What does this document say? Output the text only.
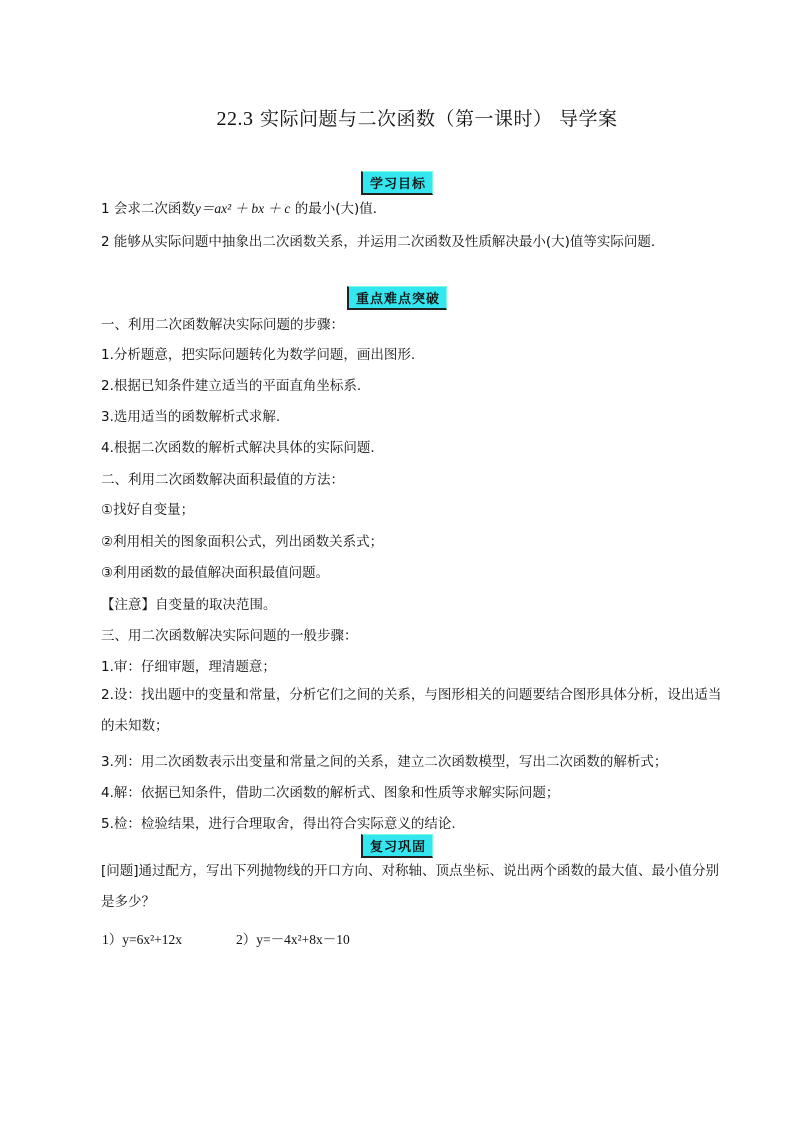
22.3 实际问题与二次函数（第一课时） 导学案
学习目标
1 会求二次函数y＝ax² ＋ bx ＋ c 的最小(大)值．
2 能够从实际问题中抽象出二次函数关系，并运用二次函数及性质解决最小(大)值等实际问题．
重点难点突破
一、利用二次函数解决实际问题的步骤：
1.分析题意，把实际问题转化为数学问题，画出图形.
2.根据已知条件建立适当的平面直角坐标系.
3.选用适当的函数解析式求解.
4.根据二次函数的解析式解决具体的实际问题.
二、利用二次函数解决面积最值的方法：
①找好自变量；
②利用相关的图象面积公式，列出函数关系式；
③利用函数的最值解决面积最值问题。
【注意】自变量的取决范围。
三、用二次函数解决实际问题的一般步骤：
1.审：仔细审题，理清题意；
2.设：找出题中的变量和常量，分析它们之间的关系，与图形相关的问题要结合图形具体分析，设出适当的未知数；
3.列：用二次函数表示出变量和常量之间的关系，建立二次函数模型，写出二次函数的解析式；
4.解：依据已知条件，借助二次函数的解析式、图象和性质等求解实际问题；
5.检：检验结果，进行合理取舍，得出符合实际意义的结论.
复习巩固
[问题]通过配方，写出下列抛物线的开口方向、对称轴、顶点坐标、说出两个函数的最大值、最小值分别是多少？
1）y=6x²+12x	2）y=－4x²+8x－10
